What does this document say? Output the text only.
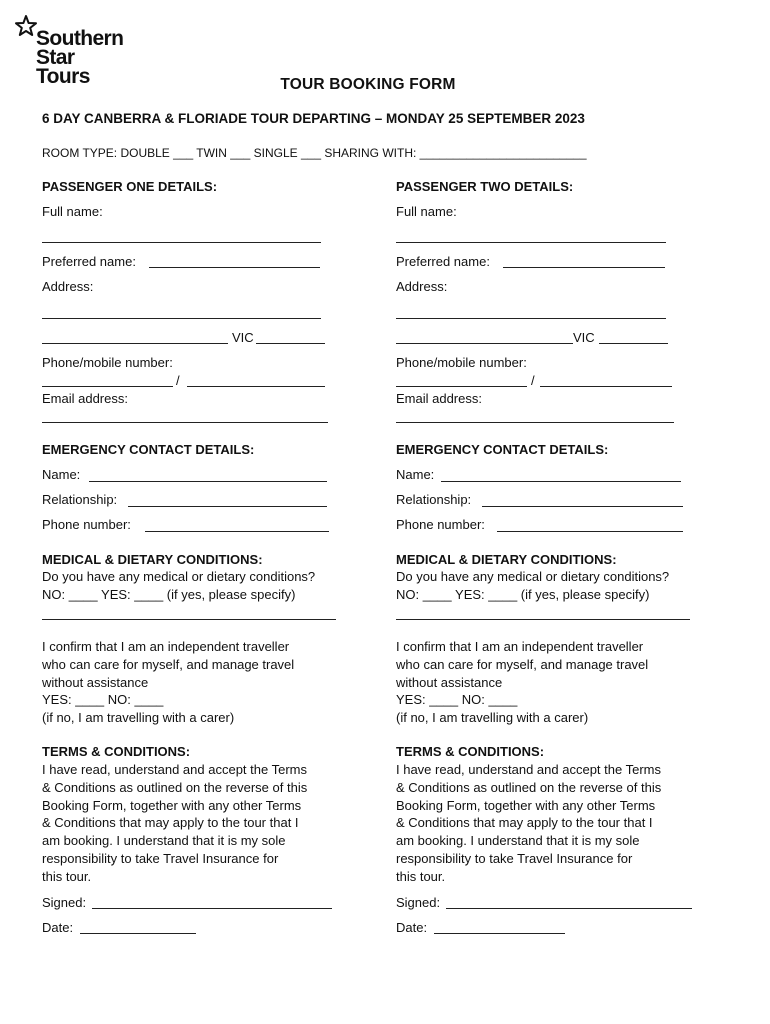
Southern
Star
Tours	TOUR BOOKING FORM
6 DAY CANBERRA & FLORIADE TOUR DEPARTING – MONDAY 25 SEPTEMBER 2023
ROOM TYPE: DOUBLE ___ TWIN ___ SINGLE ___ SHARING WITH: _________________________
PASSENGER ONE DETAILS:
Full name:
Preferred name:
Address:
VIC
Phone/mobile number:
/
Email address:
EMERGENCY CONTACT DETAILS:
Name:
Relationship:
Phone number:
MEDICAL & DIETARY CONDITIONS:
Do you have any medical or dietary conditions?
NO: ____ YES: ____ (if yes, please specify)
I confirm that I am an independent traveller
who can care for myself, and manage travel
without assistance
YES: ____ NO: ____
(if no, I am travelling with a carer)
TERMS & CONDITIONS:
I have read, understand and accept the Terms
& Conditions as outlined on the reverse of this
Booking Form, together with any other Terms
& Conditions that may apply to the tour that I
am booking. I understand that it is my sole
responsibility to take Travel Insurance for
this tour.
Signed:
Date:
PASSENGER TWO DETAILS:
Full name:
Preferred name:
Address:
VIC
Phone/mobile number:
/
Email address:
EMERGENCY CONTACT DETAILS:
Name:
Relationship:
Phone number:
MEDICAL & DIETARY CONDITIONS:
Do you have any medical or dietary conditions?
NO: ____ YES: ____ (if yes, please specify)
I confirm that I am an independent traveller
who can care for myself, and manage travel
without assistance
YES: ____ NO: ____
(if no, I am travelling with a carer)
TERMS & CONDITIONS:
I have read, understand and accept the Terms
& Conditions as outlined on the reverse of this
Booking Form, together with any other Terms
& Conditions that may apply to the tour that I
am booking. I understand that it is my sole
responsibility to take Travel Insurance for
this tour.
Signed:
Date:
